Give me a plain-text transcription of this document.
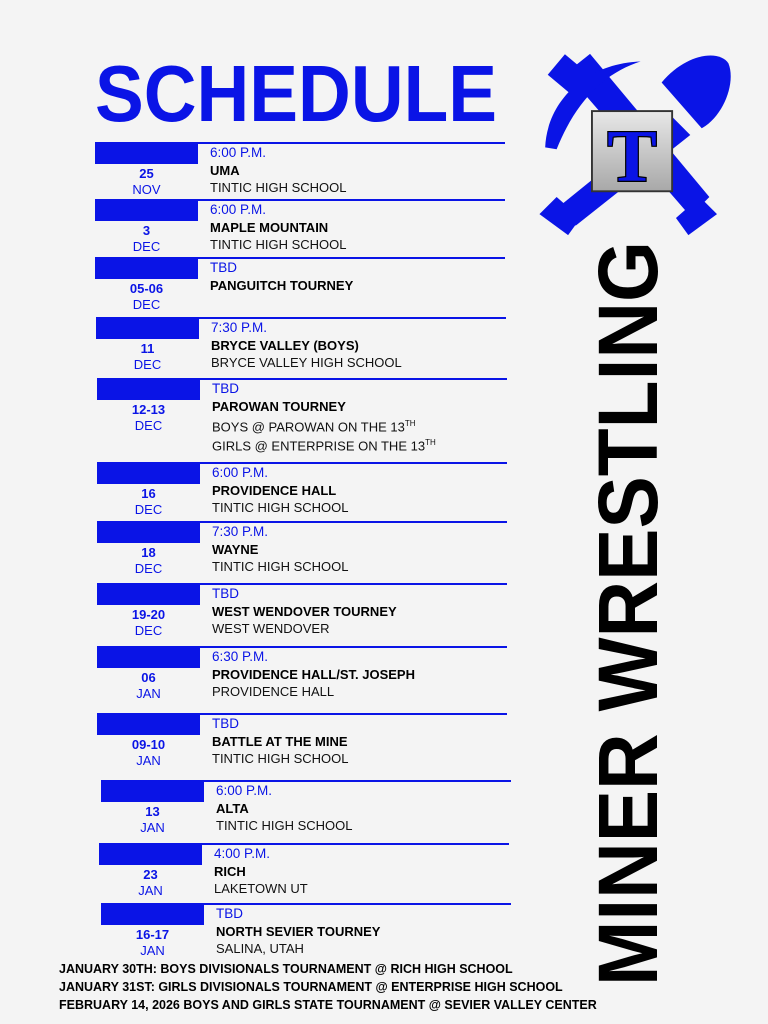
SCHEDULE
T
MINER WRESTLING
25
NOV
6:00 P.M.
UMA
TINTIC HIGH SCHOOL
3
DEC
6:00 P.M.
MAPLE MOUNTAIN
TINTIC HIGH SCHOOL
05-06
DEC
TBD
PANGUITCH TOURNEY
11
DEC
7:30 P.M.
BRYCE VALLEY (BOYS)
BRYCE VALLEY HIGH SCHOOL
12-13
DEC
TBD
PAROWAN TOURNEY
BOYS @ PAROWAN ON THE 13TH
GIRLS @ ENTERPRISE ON THE 13TH
16
DEC
6:00 P.M.
PROVIDENCE HALL
TINTIC HIGH SCHOOL
18
DEC
7:30 P.M.
WAYNE
TINTIC HIGH SCHOOL
19-20
DEC
TBD
WEST WENDOVER TOURNEY
WEST WENDOVER
06
JAN
6:30 P.M.
PROVIDENCE HALL/ST. JOSEPH
PROVIDENCE HALL
09-10
JAN
TBD
BATTLE AT THE MINE
TINTIC HIGH SCHOOL
13
JAN
6:00 P.M.
ALTA
TINTIC HIGH SCHOOL
23
JAN
4:00 P.M.
RICH
LAKETOWN UT
16-17
JAN
TBD
NORTH SEVIER TOURNEY
SALINA, UTAH
JANUARY 30TH: BOYS DIVISIONALS TOURNAMENT @ RICH HIGH SCHOOL
JANUARY 31ST: GIRLS DIVISIONALS TOURNAMENT @ ENTERPRISE HIGH SCHOOL
FEBRUARY 14, 2026 BOYS AND GIRLS STATE TOURNAMENT @ SEVIER VALLEY CENTER
